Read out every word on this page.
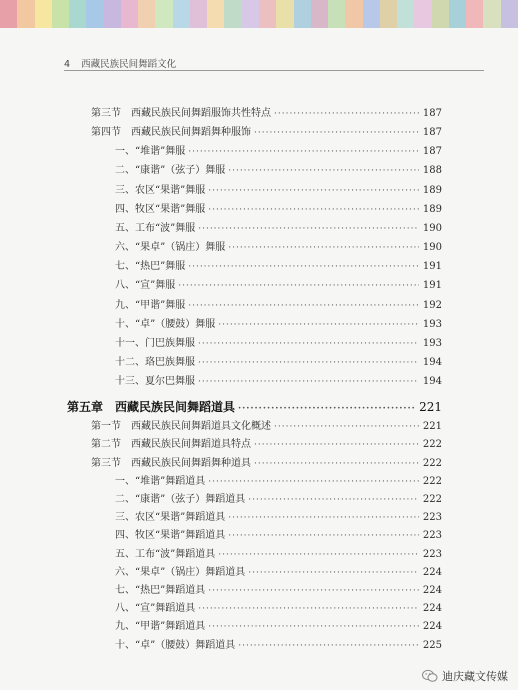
4 西藏民族民间舞蹈文化
第三节　西藏民族民间舞蹈服饰共性特点 ·····	187
第四节　西藏民族民间舞蹈舞种服饰 ·····	187
一、“堆谐”舞服 ·····	187
二、“康谐”（弦子）舞服 ·····	188
三、农区“果谐”舞服 ·····	189
四、牧区“果谐”舞服 ·····	189
五、工布“波”舞服 ·····	190
六、“果卓”（锅庄）舞服 ·····	190
七、“热巴”舞服 ·····	191
八、“宣”舞服 ·····	191
九、“甲谐”舞服 ·····	192
十、“卓”（腰鼓）舞服 ·····	193
十一、门巴族舞服 ·····	193
十二、珞巴族舞服 ·····	194
十三、夏尔巴舞服 ·····	194
第五章　西藏民族民间舞蹈道具 ·····	221
第一节　西藏民族民间舞蹈道具文化概述 ·····	221
第二节　西藏民族民间舞蹈道具特点 ·····	222
第三节　西藏民族民间舞蹈舞种道具 ·····	222
一、“堆谐”舞蹈道具 ·····	222
二、“康谐”（弦子）舞蹈道具 ·····	222
三、农区“果谐”舞蹈道具 ·····	223
四、牧区“果谐”舞蹈道具 ·····	223
五、工布“波”舞蹈道具 ·····	223
六、“果卓”（锅庄）舞蹈道具 ·····	224
七、“热巴”舞蹈道具 ·····	224
八、“宣”舞蹈道具 ·····	224
九、“甲谐”舞蹈道具 ·····	224
十、“卓”（腰鼓）舞蹈道具 ·····	225
迪庆藏文传媒
